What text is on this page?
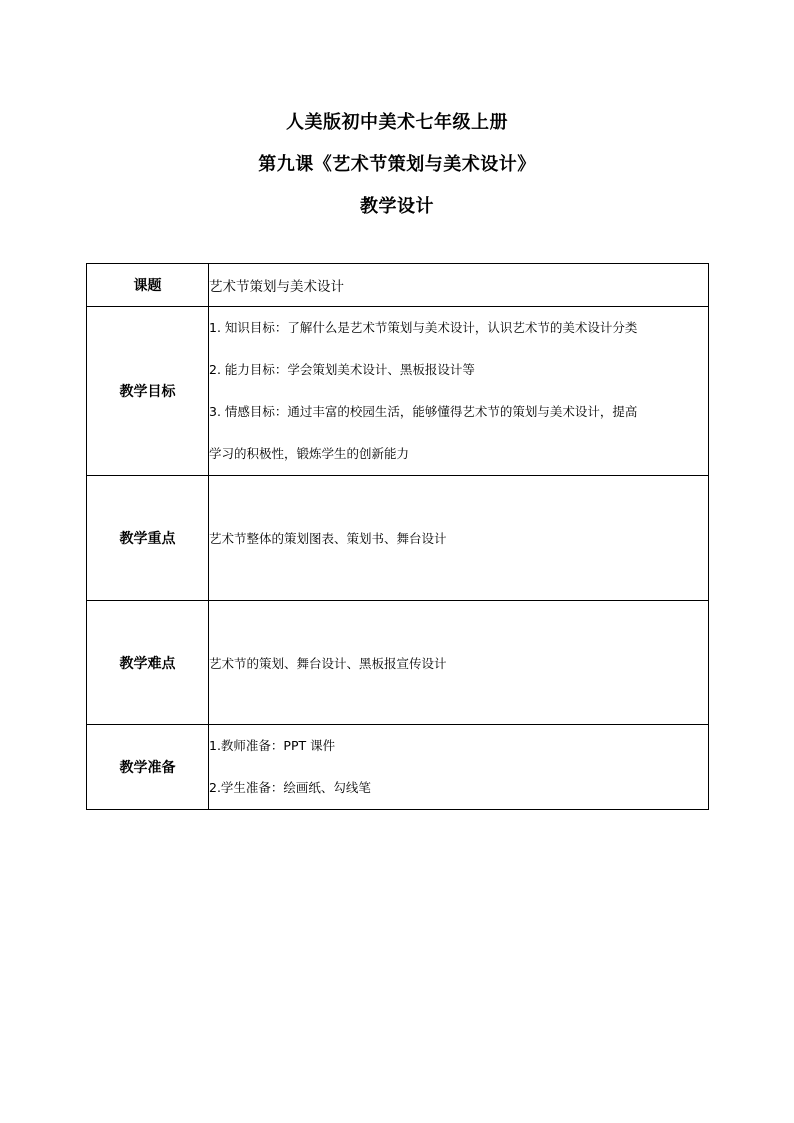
人美版初中美术七年级上册
第九课《艺术节策划与美术设计》
教学设计
课题	艺术节策划与美术设计
教学目标	1. 知识目标：了解什么是艺术节策划与美术设计，认识艺术节的美术设计分类
2. 能力目标：学会策划美术设计、黑板报设计等
3. 情感目标：通过丰富的校园生活，能够懂得艺术节的策划与美术设计，提高
学习的积极性，锻炼学生的创新能力

教学重点	艺术节整体的策划图表、策划书、舞台设计
教学难点	艺术节的策划、舞台设计、黑板报宣传设计
教学准备	1.教师准备：PPT 课件
2.学生准备：绘画纸、勾线笔
